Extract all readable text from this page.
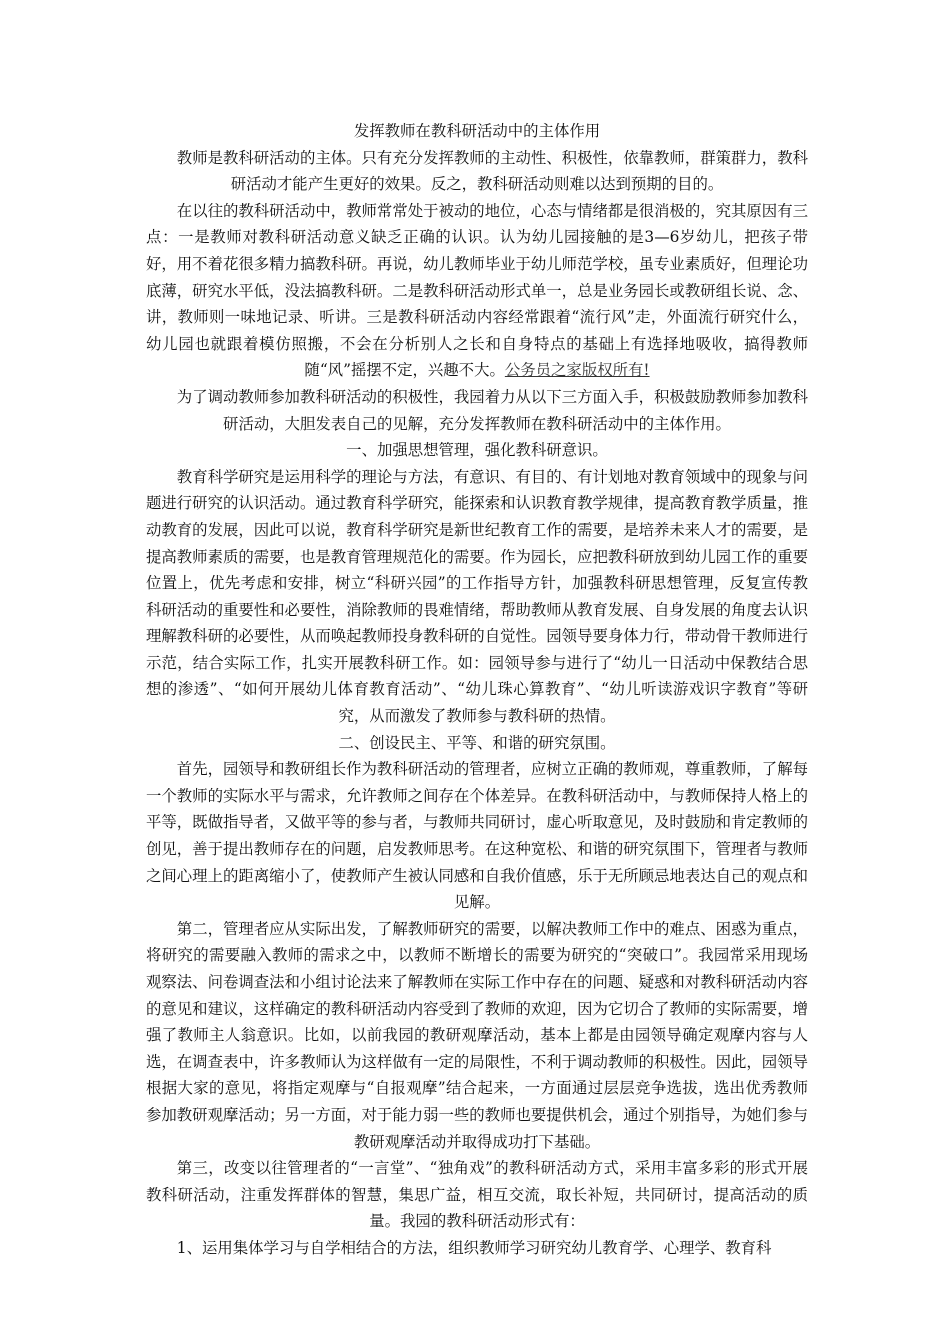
发挥教师在教科研活动中的主体作用

教师是教科研活动的主体。只有充分发挥教师的主动性、积极性，依靠教师，群策群力，教科研活动才能产生更好的效果。反之，教科研活动则难以达到预期的目的。

在以往的教科研活动中，教师常常处于被动的地位，心态与情绪都是很消极的，究其原因有三点：一是教师对教科研活动意义缺乏正确的认识。认为幼儿园接触的是3—6岁幼儿，把孩子带好，用不着花很多精力搞教科研。再说，幼儿教师毕业于幼儿师范学校，虽专业素质好，但理论功底薄，研究水平低，没法搞教科研。二是教科研活动形式单一，总是业务园长或教研组长说、念、讲，教师则一味地记录、听讲。三是教科研活动内容经常跟着“流行风”走，外面流行研究什么，幼儿园也就跟着模仿照搬，不会在分析别人之长和自身特点的基础上有选择地吸收，搞得教师随“风”摇摆不定，兴趣不大。公务员之家版权所有!

为了调动教师参加教科研活动的积极性，我园着力从以下三方面入手，积极鼓励教师参加教科研活动，大胆发表自己的见解，充分发挥教师在教科研活动中的主体作用。

一、加强思想管理，强化教科研意识。

教育科学研究是运用科学的理论与方法，有意识、有目的、有计划地对教育领域中的现象与问题进行研究的认识活动。通过教育科学研究，能探索和认识教育教学规律，提高教育教学质量，推动教育的发展，因此可以说，教育科学研究是新世纪教育工作的需要，是培养未来人才的需要，是提高教师素质的需要，也是教育管理规范化的需要。作为园长，应把教科研放到幼儿园工作的重要位置上，优先考虑和安排，树立“科研兴园”的工作指导方针，加强教科研思想管理，反复宣传教科研活动的重要性和必要性，消除教师的畏难情绪，帮助教师从教育发展、自身发展的角度去认识理解教科研的必要性，从而唤起教师投身教科研的自觉性。园领导要身体力行，带动骨干教师进行示范，结合实际工作，扎实开展教科研工作。如：园领导参与进行了“幼儿一日活动中保教结合思想的渗透”、“如何开展幼儿体育教育活动”、“幼儿珠心算教育”、“幼儿听读游戏识字教育”等研究，从而激发了教师参与教科研的热情。

二、创设民主、平等、和谐的研究氛围。

首先，园领导和教研组长作为教科研活动的管理者，应树立正确的教师观，尊重教师，了解每一个教师的实际水平与需求，允许教师之间存在个体差异。在教科研活动中，与教师保持人格上的平等，既做指导者，又做平等的参与者，与教师共同研讨，虚心听取意见，及时鼓励和肯定教师的创见，善于提出教师存在的问题，启发教师思考。在这种宽松、和谐的研究氛围下，管理者与教师之间心理上的距离缩小了，使教师产生被认同感和自我价值感，乐于无所顾忌地表达自己的观点和见解。

第二，管理者应从实际出发，了解教师研究的需要，以解决教师工作中的难点、困惑为重点，将研究的需要融入教师的需求之中，以教师不断增长的需要为研究的“突破口”。我园常采用现场观察法、问卷调查法和小组讨论法来了解教师在实际工作中存在的问题、疑惑和对教科研活动内容的意见和建议，这样确定的教科研活动内容受到了教师的欢迎，因为它切合了教师的实际需要，增强了教师主人翁意识。比如，以前我园的教研观摩活动，基本上都是由园领导确定观摩内容与人选，在调查表中，许多教师认为这样做有一定的局限性，不利于调动教师的积极性。因此，园领导根据大家的意见，将指定观摩与“自报观摩”结合起来，一方面通过层层竞争选拔，选出优秀教师参加教研观摩活动；另一方面，对于能力弱一些的教师也要提供机会，通过个别指导，为她们参与教研观摩活动并取得成功打下基础。

第三，改变以往管理者的“一言堂”、“独角戏”的教科研活动方式，采用丰富多彩的形式开展教科研活动，注重发挥群体的智慧，集思广益，相互交流，取长补短，共同研讨，提高活动的质量。我园的教科研活动形式有：

1、运用集体学习与自学相结合的方法，组织教师学习研究幼儿教育学、心理学、教育科
